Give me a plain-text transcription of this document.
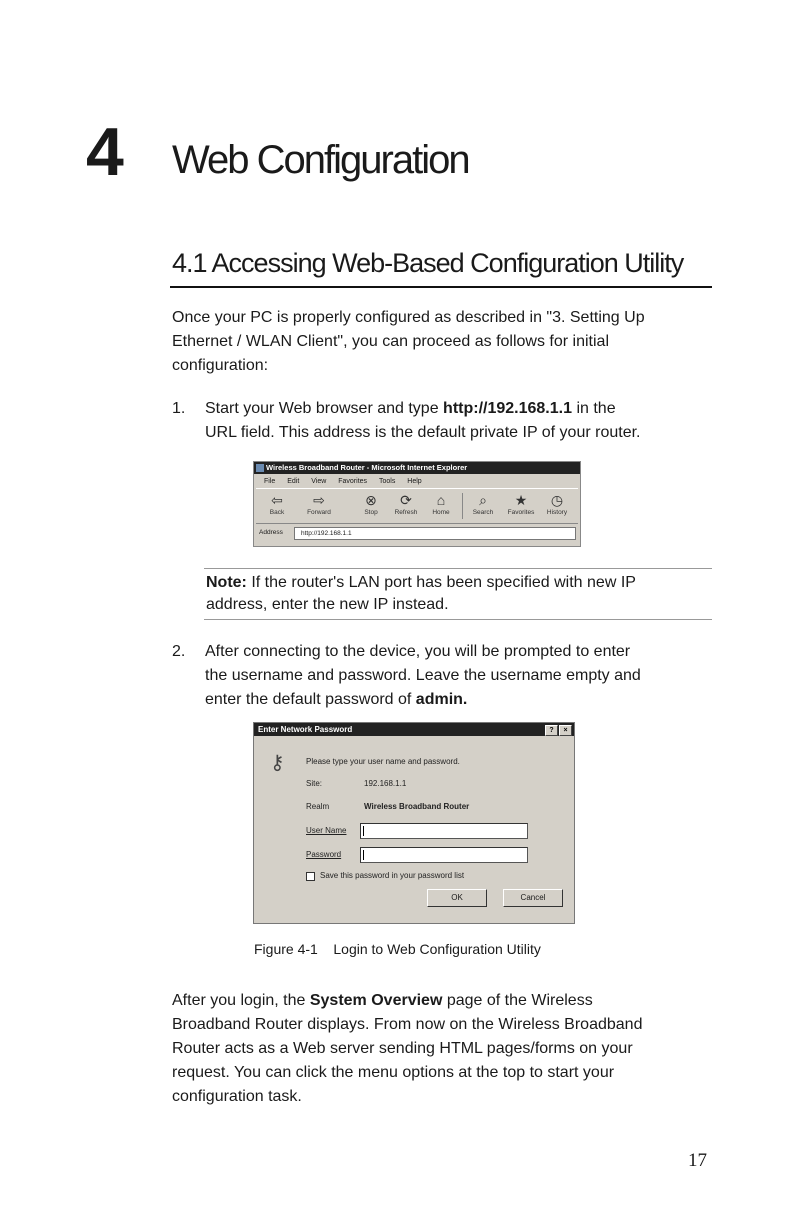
4 Web Configuration
4.1 Accessing Web-Based Configuration Utility
Once your PC is properly configured as described in "3. Setting Up
Ethernet / WLAN Client", you can proceed as follows for initial
configuration:
1. Start your Web browser and type http://192.168.1.1 in the
URL field. This address is the default private IP of your router.
Wireless Broadband Router - Microsoft Internet Explorer
File Edit View Favorites Tools Help
⇦
Back
⇨
Forward
⊗
Stop
⟳
Refresh
⌂
Home
⌕
Search
★
Favorites
◷
History
Address	http://192.168.1.1
Note: If the router's LAN port has been specified with new IP
address, enter the new IP instead.
2. After connecting to the device, you will be prompted to enter
the username and password. Leave the username empty and
enter the default password of admin.
Enter Network Password	?	×
⚷	Please type your user name and password.
Site:	192.168.1.1
Realm	Wireless Broadband Router
User Name
Password
Save this password in your password list
OK	Cancel
Figure 4-1    Login to Web Configuration Utility
After you login, the System Overview page of the Wireless
Broadband Router displays. From now on the Wireless Broadband
Router acts as a Web server sending HTML pages/forms on your
request. You can click the menu options at the top to start your
configuration task.
17
